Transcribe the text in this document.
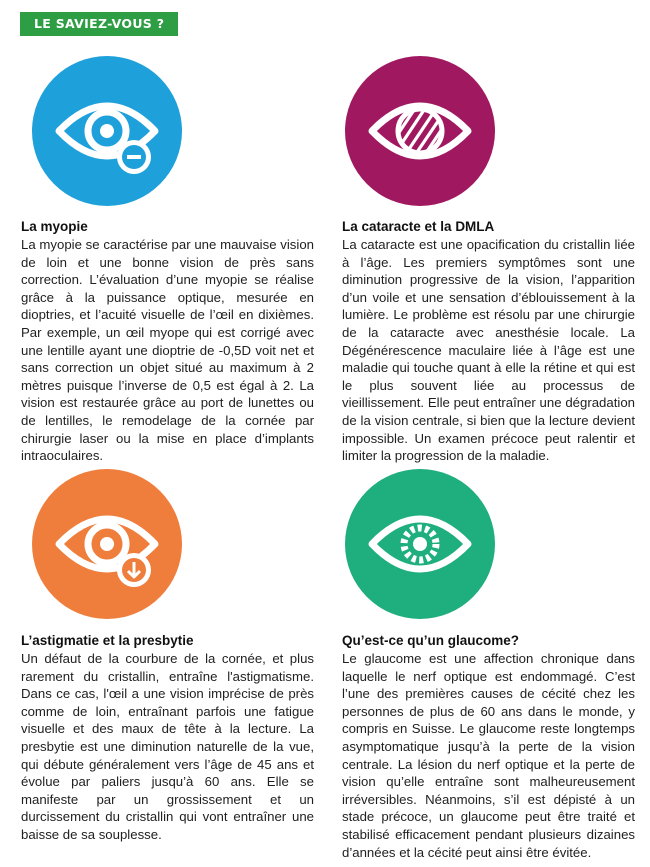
LE SAVIEZ-VOUS ?
La myopie

La myopie se caractérise par une mauvaise vision de loin et une bonne vision de près sans correction. L’évaluation d’une myopie se réalise grâce à la puissance optique, mesurée en dioptries, et l’acuité visuelle de l’œil en dixièmes. Par exemple, un œil myope qui est corrigé avec une lentille ayant une dioptrie de -0,5D voit net et sans correction un objet situé au maximum à 2 mètres puisque l’inverse de 0,5 est égal à 2. La vision est restaurée grâce au port de lunettes ou de lentilles, le remodelage de la cornée par chirurgie laser ou la mise en place d’implants intraoculaires.

La cataracte et la DMLA

La cataracte est une opacification du cristallin liée à l’âge. Les premiers symptômes sont une diminution progressive de la vision, l’apparition d’un voile et une sensation d’éblouissement à la lumière. Le problème est résolu par une chirurgie de la cataracte avec anesthésie locale. La Dégénérescence maculaire liée à l’âge est une maladie qui touche quant à elle la rétine et qui est le plus souvent liée au processus de vieillissement. Elle peut entraîner une dégradation de la vision centrale, si bien que la lecture devient impossible. Un examen précoce peut ralentir et limiter la progression de la maladie.

L’astigmatie et la presbytie

Un défaut de la courbure de la cornée, et plus rarement du cristallin, entraîne l'astigmatisme. Dans ce cas, l'œil a une vision imprécise de près comme de loin, entraînant parfois une fatigue visuelle et des maux de tête à la lecture. La presbytie est une diminution naturelle de la vue, qui débute généralement vers l’âge de 45 ans et évolue par paliers jusqu’à 60 ans. Elle se manifeste par un grossissement et un durcissement du cristallin qui vont entraîner une baisse de sa souplesse.

Qu’est-ce qu’un glaucome?

Le glaucome est une affection chronique dans laquelle le nerf optique est endommagé. C’est l’une des premières causes de cécité chez les personnes de plus de 60 ans dans le monde, y compris en Suisse. Le glaucome reste longtemps asymptomatique jusqu’à la perte de la vision centrale. La lésion du nerf optique et la perte de vision qu’elle entraîne sont malheureusement irréversibles. Néanmoins, s’il est dépisté à un stade précoce, un glaucome peut être traité et stabilisé efficacement pendant plusieurs dizaines d’années et la cécité peut ainsi être évitée.
